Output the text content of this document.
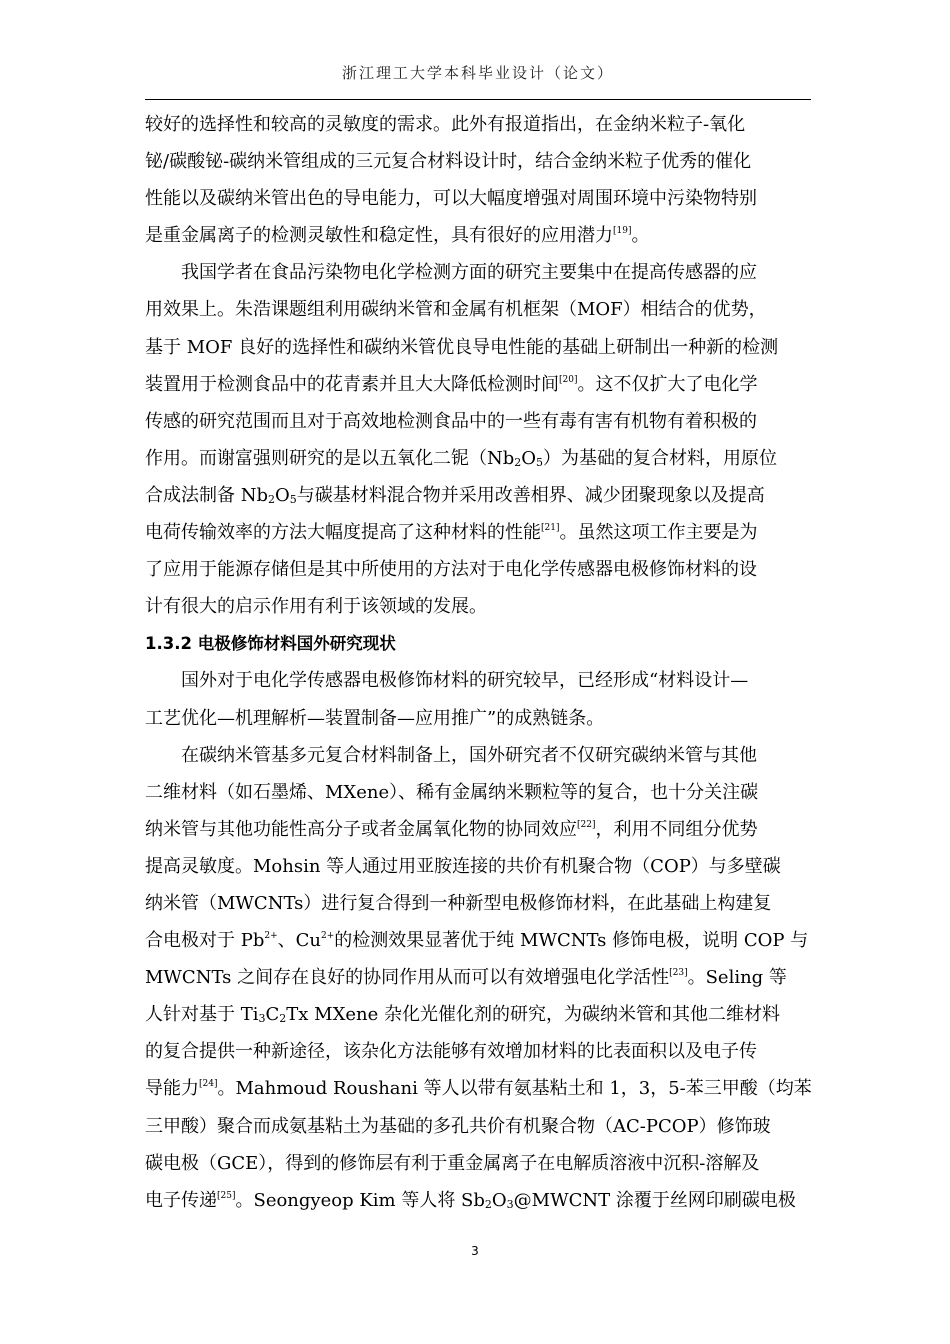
浙江理工大学本科毕业设计（论文）
较好的选择性和较高的灵敏度的需求。此外有报道指出，在金纳米粒子-氧化
铋/碳酸铋-碳纳米管组成的三元复合材料设计时，结合金纳米粒子优秀的催化
性能以及碳纳米管出色的导电能力，可以大幅度增强对周围环境中污染物特别
是重金属离子的检测灵敏性和稳定性，具有很好的应用潜力[19] 。
我国学者在食品污染物电化学检测方面的研究主要集中在提高传感器的应
用效果上。朱浩课题组利用碳纳米管和金属有机框架（MOF）相结合的优势，
基于 MOF 良好的选择性和碳纳米管优良导电性能的基础上研制出一种新的检测
装置用于检测食品中的花青素并且大大降低检测时间[20] 。这不仅扩大了电化学
传感的研究范围而且对于高效地检测食品中的一些有毒有害有机物有着积极的
作用。而谢富强则研究的是以五氧化二铌（$Nb_2$ $O_5$ ）为基础的复合材料，用原位
合成法制备 $Nb_2$ $O_5$ 与碳基材料混合物并采用改善相界、减少团聚现象以及提高
电荷传输效率的方法大幅度提高了这种材料的性能[21] 。虽然这项工作主要是为
了应用于能源存储但是其中所使用的方法对于电化学传感器电极修饰材料的设
计有很大的启示作用有利于该领域的发展。
1.3.2 电极修饰材料国外研究现状
国外对于电化学传感器电极修饰材料的研究较早，已经形成“材料设计—
工艺优化—机理解析—装置制备—应用推广”的成熟链条。
在碳纳米管基多元复合材料制备上，国外研究者不仅研究碳纳米管与其他
二维材料（如石墨烯、MXene）、稀有金属纳米颗粒等的复合，也十分关注碳
纳米管与其他功能性高分子或者金属氧化物的协同效应[22] ，利用不同组分优势
提高灵敏度。Mohsin 等人通过用亚胺连接的共价有机聚合物（COP）与多壁碳
纳米管（MWCNTs）进行复合得到一种新型电极修饰材料，在此基础上构建复
合电极对于 Pb$^{2+}$ 、Cu$^{2+}$ 的检测效果显著优于纯 MWCNTs 修饰电极，说明 COP 与
MWCNTs 之间存在良好的协同作用从而可以有效增强电化学活性[23] 。Seling 等
人针对基于 $Ti_3$ $C_2$ Tx MXene 杂化光催化剂的研究，为碳纳米管和其他二维材料
的复合提供一种新途径，该杂化方法能够有效增加材料的比表面积以及电子传
导能力[24] 。Mahmoud Roushani 等人以带有氨基粘土和 1，3，5-苯三甲酸（均苯
三甲酸）聚合而成氨基粘土为基础的多孔共价有机聚合物（AC-PCOP）修饰玻
碳电极（GCE），得到的修饰层有利于重金属离子在电解质溶液中沉积-溶解及
电子传递[25] 。Seongyeop Kim 等人将 $Sb_2$ $O_3$ @MWCNT 涂覆于丝网印刷碳电极
3
